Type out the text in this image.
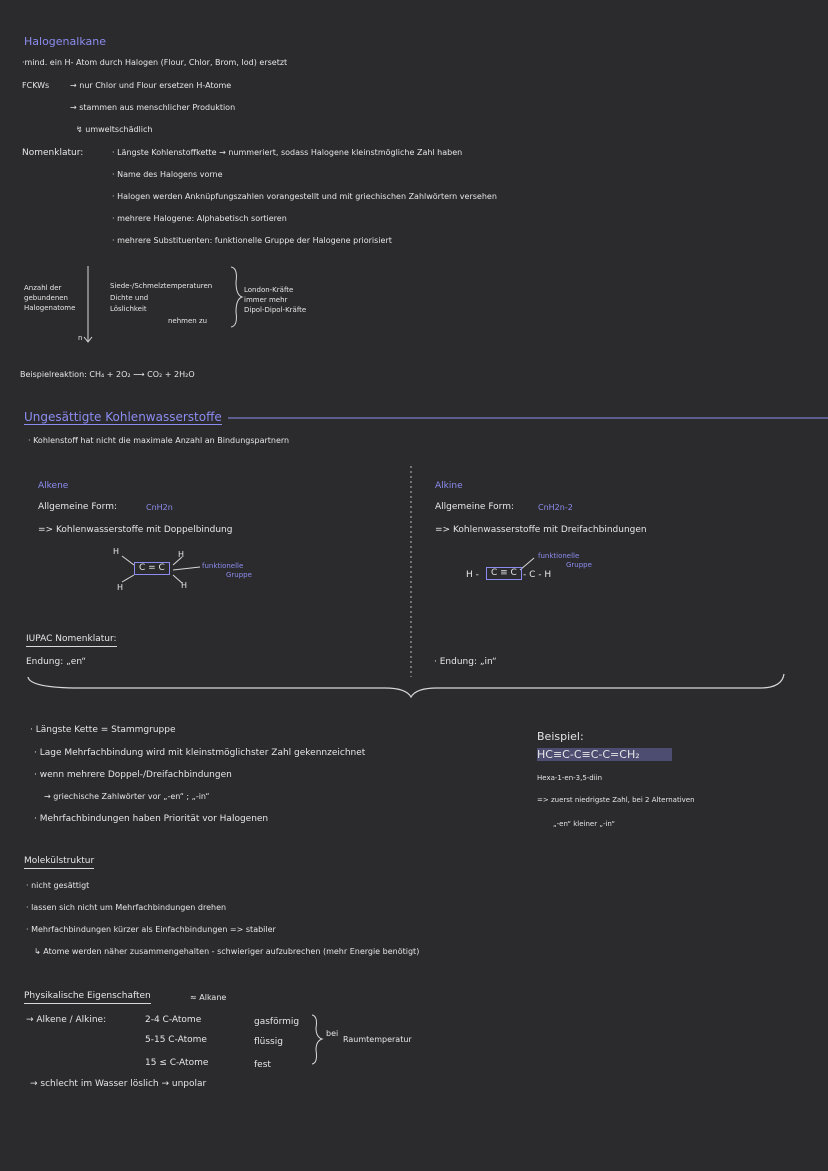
Halogenalkane
·mind. ein H- Atom durch Halogen (Flour, Chlor, Brom, Iod) ersetzt
FCKWs	→ nur Chlor und Flour ersetzen H-Atome
→ stammen aus menschlicher Produktion
↯ umweltschädlich
Nomenklatur:	· Längste Kohlenstoffkette → nummeriert, sodass Halogene kleinstmögliche Zahl haben
· Name des Halogens vorne
· Halogen werden Anknüpfungszahlen vorangestellt und mit griechischen Zahlwörtern versehen
· mehrere Halogene: Alphabetisch sortieren
· mehrere Substituenten: funktionelle Gruppe der Halogene priorisiert
Anzahl der
gebundenen
Halogenatome
n
Siede-/Schmelztemperaturen
Dichte und
Löslichkeit
nehmen zu
London-Kräfte
immer mehr
Dipol-Dipol-Kräfte
Beispielreaktion: CH₄ + 2O₂ ⟶ CO₂ + 2H₂O
Ungesättigte Kohlenwasserstoffe
· Kohlenstoff hat nicht die maximale Anzahl an Bindungspartnern
Alkene
Allgemeine Form:	CnH2n
=> Kohlenwasserstoffe mit Doppelbindung
H	H
H	H
C = C	funktionelle
Gruppe
Alkine
Allgemeine Form:	CnH2n-2
=> Kohlenwasserstoffe mit Dreifachbindungen
H -	C ≡ C - C - H
funktionelle
Gruppe
IUPAC Nomenklatur:
Endung: „en“	· Endung: „in“
· Längste Kette = Stammgruppe
· Lage Mehrfachbindung wird mit kleinstmöglichster Zahl gekennzeichnet
· wenn mehrere Doppel-/Dreifachbindungen
→ griechische Zahlwörter vor „-en“ ; „-in“
· Mehrfachbindungen haben Priorität vor Halogenen
Beispiel:
HC≡C-C≡C-C=CH₂
Hexa-1-en-3,5-diin
=> zuerst niedrigste Zahl, bei 2 Alternativen
„-en“ kleiner „-in“
Molekülstruktur
· nicht gesättigt
· lassen sich nicht um Mehrfachbindungen drehen
· Mehrfachbindungen kürzer als Einfachbindungen => stabiler
↳ Atome werden näher zusammengehalten - schwieriger aufzubrechen (mehr Energie benötigt)
Physikalische Eigenschaften	≈ Alkane
→ Alkene / Alkine:	2-4 C-Atome	gasförmig
5-15 C-Atome	flüssig
15 ≤ C-Atome	fest
bei
Raumtemperatur
→ schlecht im Wasser löslich → unpolar
